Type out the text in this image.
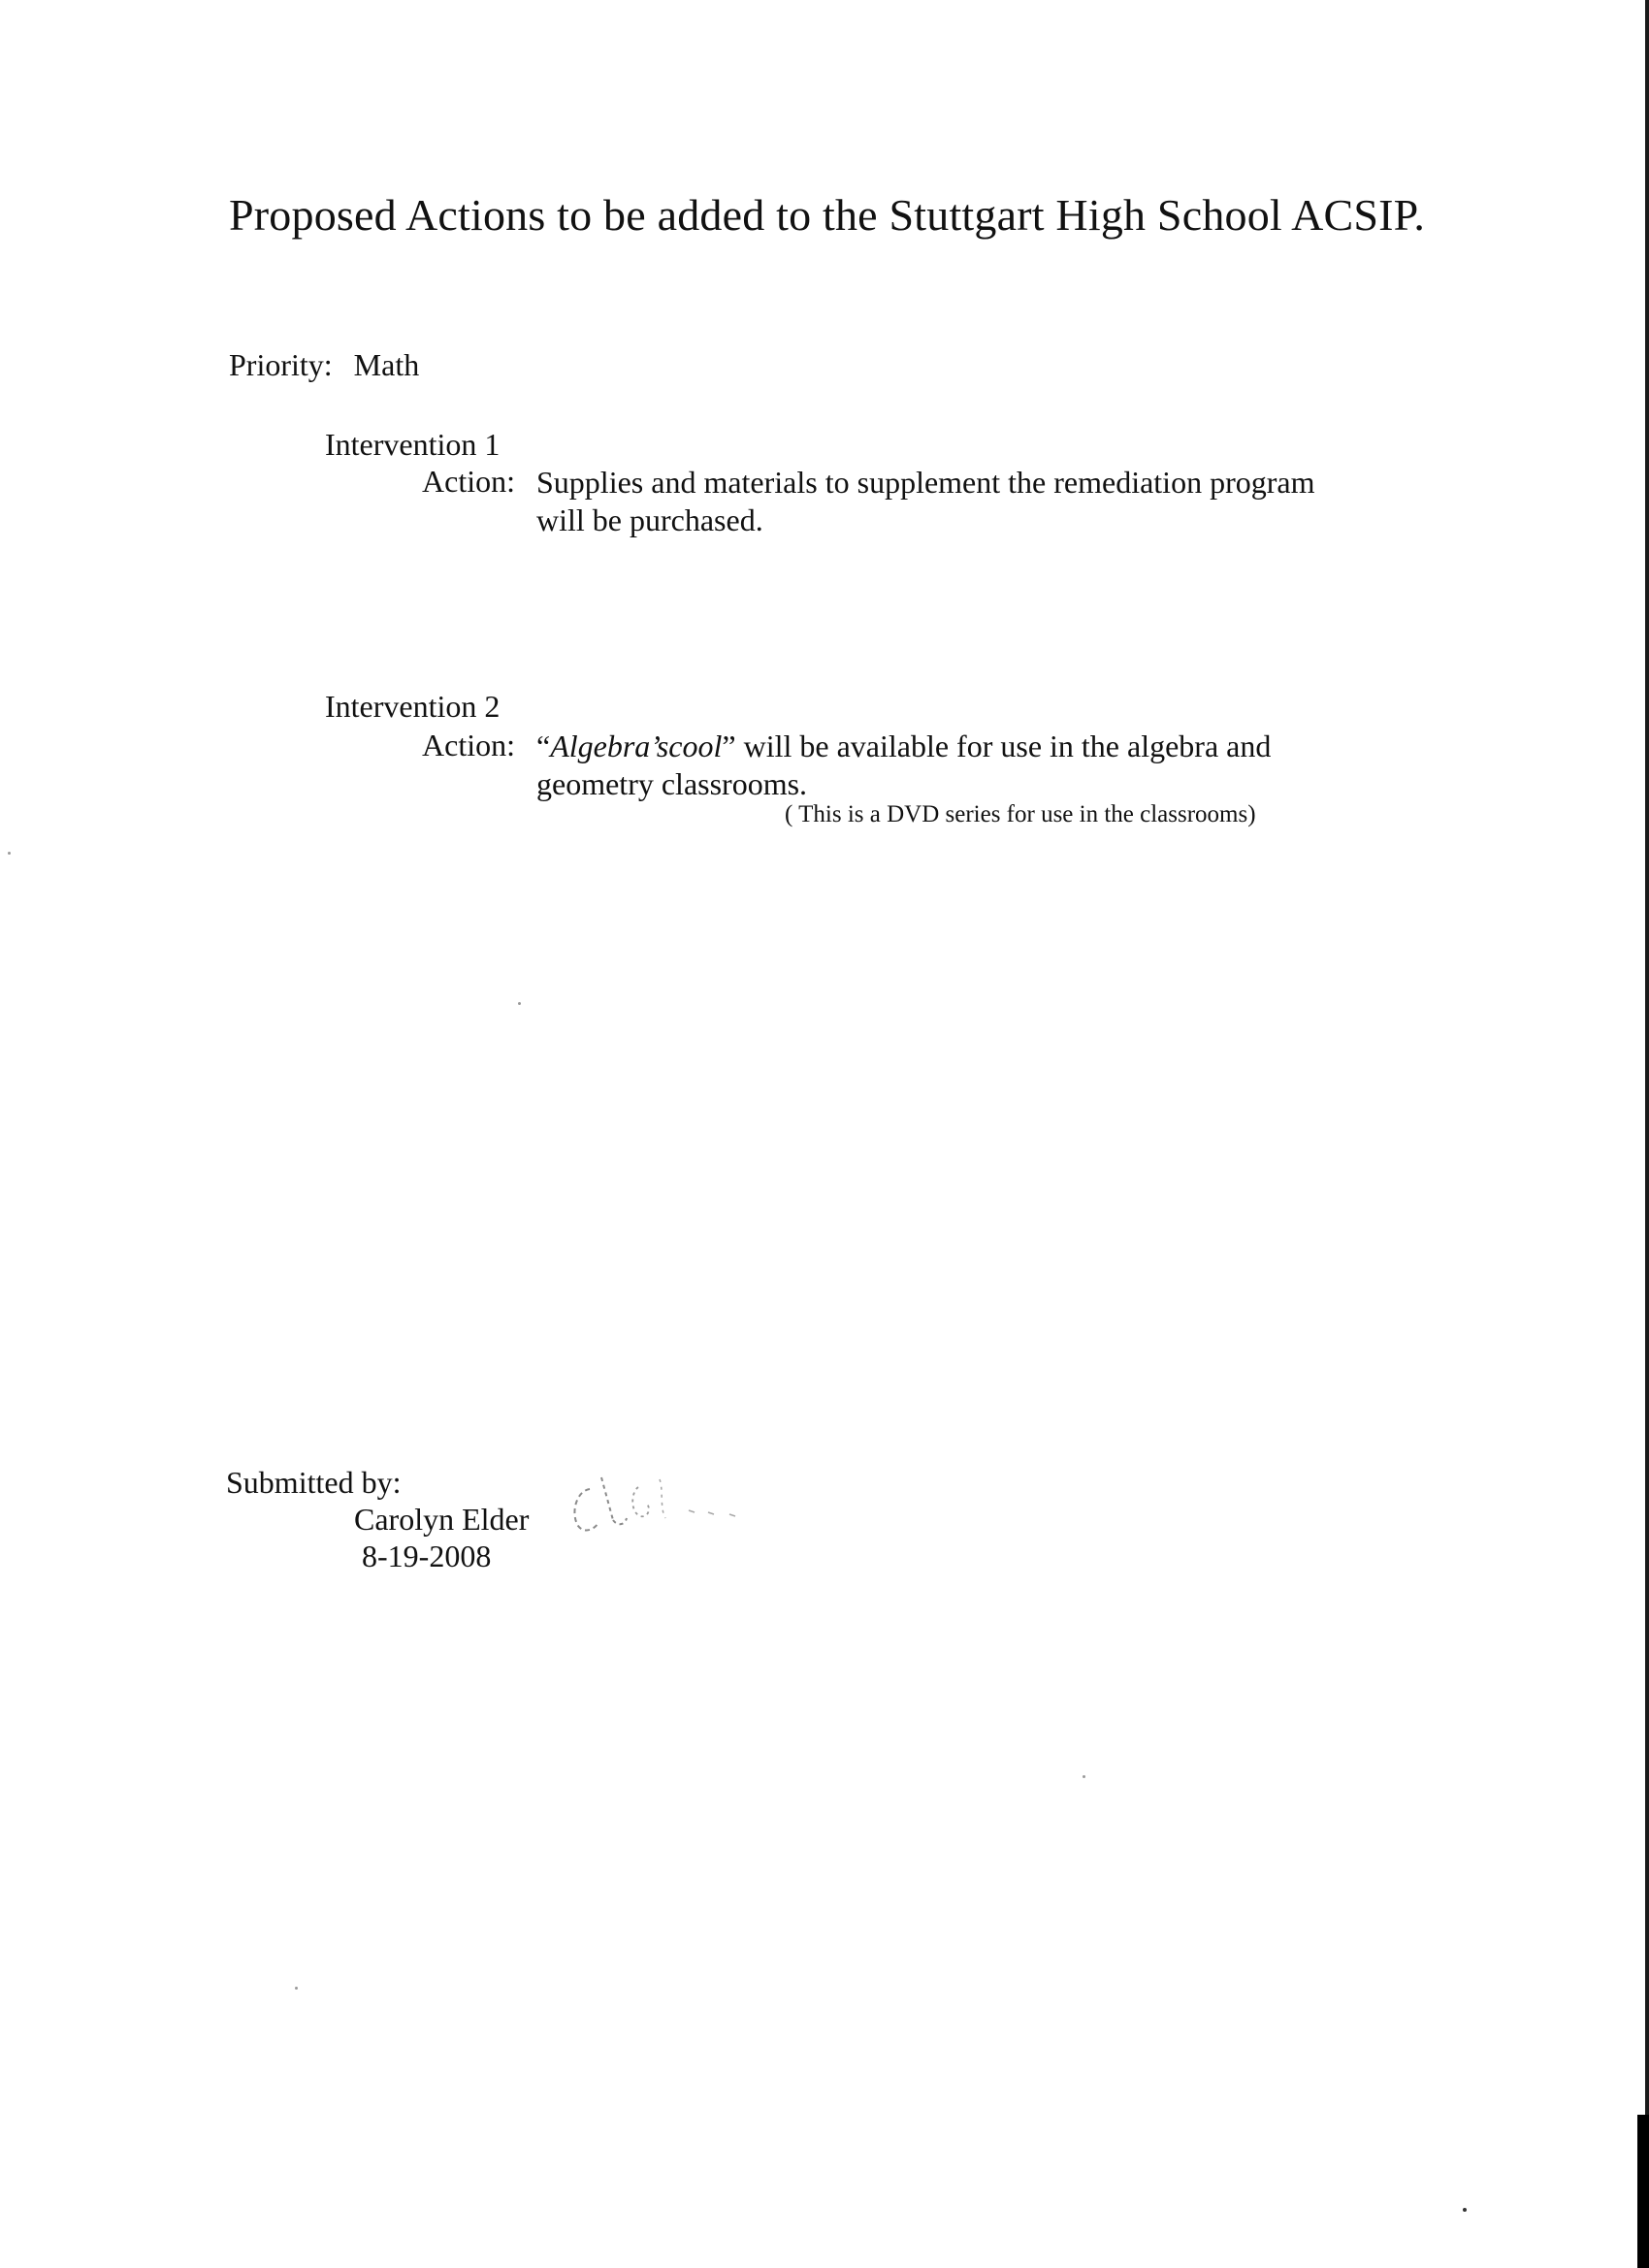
Proposed Actions to be added to the Stuttgart High School ACSIP.
Priority: Math
Intervention 1
Action: Supplies and materials to supplement the remediation program
will be purchased.
Intervention 2
Action: “Algebra’scool” will be available for use in the algebra and
geometry classrooms.
( This is a DVD series for use in the classrooms)
Submitted by:
Carolyn Elder
8-19-2008
